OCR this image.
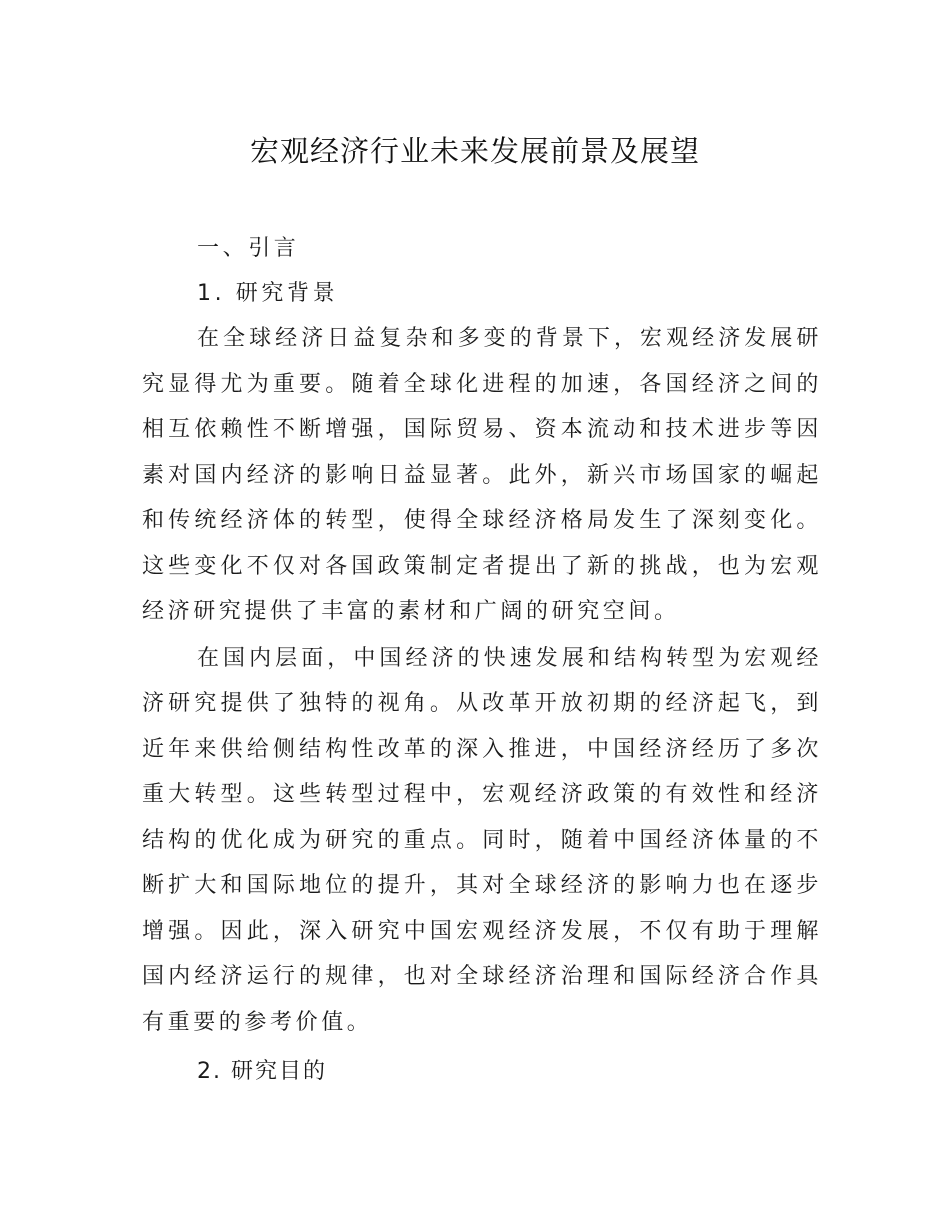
宏观经济行业未来发展前景及展望

一、引言

1. 研究背景

在全球经济日益复杂和多变的背景下，宏观经济发展研究显得尤为重要。随着全球化进程的加速，各国经济之间的相互依赖性不断增强，国际贸易、资本流动和技术进步等因素对国内经济的影响日益显著。此外，新兴市场国家的崛起和传统经济体的转型，使得全球经济格局发生了深刻变化。这些变化不仅对各国政策制定者提出了新的挑战，也为宏观经济研究提供了丰富的素材和广阔的研究空间。

在国内层面，中国经济的快速发展和结构转型为宏观经济研究提供了独特的视角。从改革开放初期的经济起飞，到近年来供给侧结构性改革的深入推进，中国经济经历了多次重大转型。这些转型过程中，宏观经济政策的有效性和经济结构的优化成为研究的重点。同时，随着中国经济体量的不断扩大和国际地位的提升，其对全球经济的影响力也在逐步增强。因此，深入研究中国宏观经济发展，不仅有助于理解国内经济运行的规律，也对全球经济治理和国际经济合作具有重要的参考价值。

2. 研究目的
